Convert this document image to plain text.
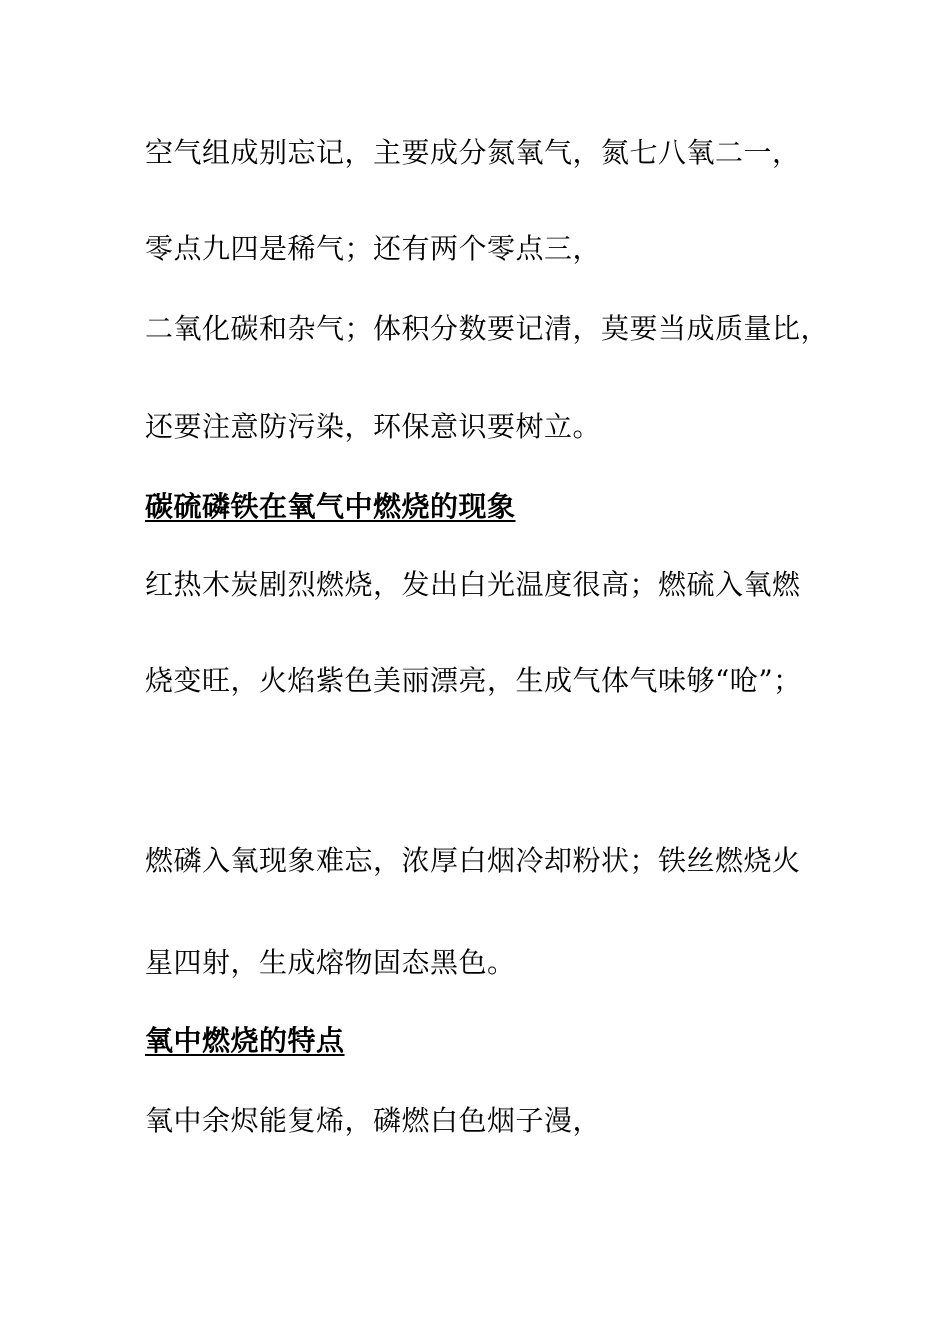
空气组成别忘记，主要成分氮氧气，氮七八氧二一，

零点九四是稀气；还有两个零点三，

二氧化碳和杂气；体积分数要记清，莫要当成质量比，

还要注意防污染，环保意识要树立。

碳硫磷铁在氧气中燃烧的现象

红热木炭剧烈燃烧，发出白光温度很高；燃硫入氧燃

烧变旺，火焰紫色美丽漂亮，生成气体气味够“呛”；

燃磷入氧现象难忘，浓厚白烟冷却粉状；铁丝燃烧火

星四射，生成熔物固态黑色。

氧中燃烧的特点

氧中余烬能复烯，磷燃白色烟子漫，
